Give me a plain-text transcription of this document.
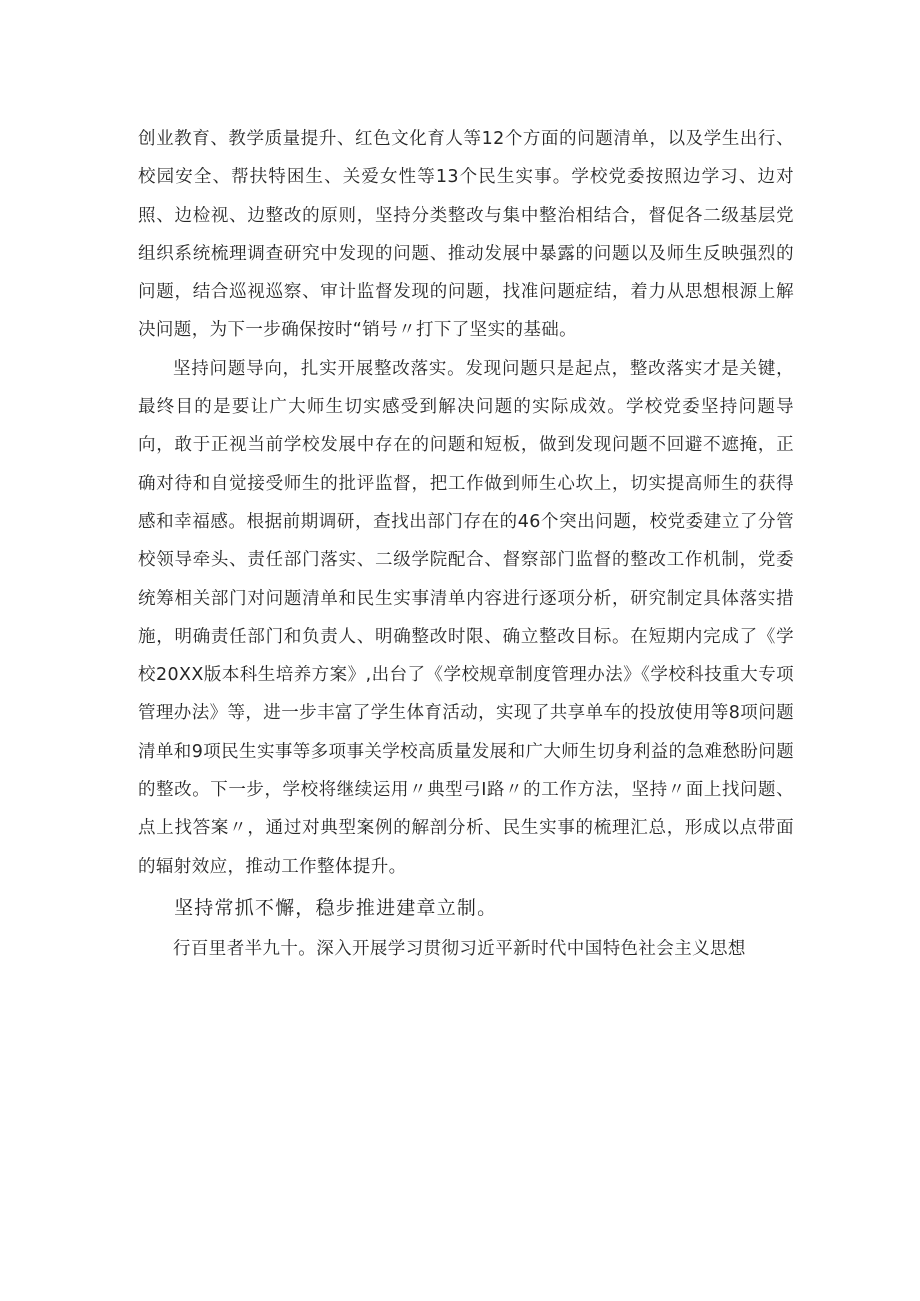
创业教育、教学质量提升、红色文化育人等12个方面的问题清单，以及学生出行、校园安全、帮扶特困生、关爱女性等13个民生实事。学校党委按照边学习、边对照、边检视、边整改的原则，坚持分类整改与集中整治相结合，督促各二级基层党组织系统梳理调查研究中发现的问题、推动发展中暴露的问题以及师生反映强烈的问题，结合巡视巡察、审计监督发现的问题，找准问题症结，着力从思想根源上解决问题，为下一步确保按时“销号〃打下了坚实的基础。

坚持问题导向，扎实开展整改落实。发现问题只是起点，整改落实才是关键，最终目的是要让广大师生切实感受到解决问题的实际成效。学校党委坚持问题导向，敢于正视当前学校发展中存在的问题和短板，做到发现问题不回避不遮掩，正确对待和自觉接受师生的批评监督，把工作做到师生心坎上，切实提高师生的获得感和幸福感。根据前期调研，查找出部门存在的46个突出问题，校党委建立了分管校领导牵头、责任部门落实、二级学院配合、督察部门监督的整改工作机制，党委统筹相关部门对问题清单和民生实事清单内容进行逐项分析，研究制定具体落实措施，明确责任部门和负责人、明确整改时限、确立整改目标。在短期内完成了《学校20XX版本科生培养方案》,出台了《学校规章制度管理办法》《学校科技重大专项管理办法》等，进一步丰富了学生体育活动，实现了共享单车的投放使用等8项问题清单和9项民生实事等多项事关学校高质量发展和广大师生切身利益的急难愁盼问题的整改。下一步，学校将继续运用〃典型弓I路〃的工作方法，坚持〃面上找问题、点上找答案〃，通过对典型案例的解剖分析、民生实事的梳理汇总，形成以点带面的辐射效应，推动工作整体提升。

坚持常抓不懈，稳步推进建章立制。

行百里者半九十。深入开展学习贯彻习近平新时代中国特色社会主义思想
